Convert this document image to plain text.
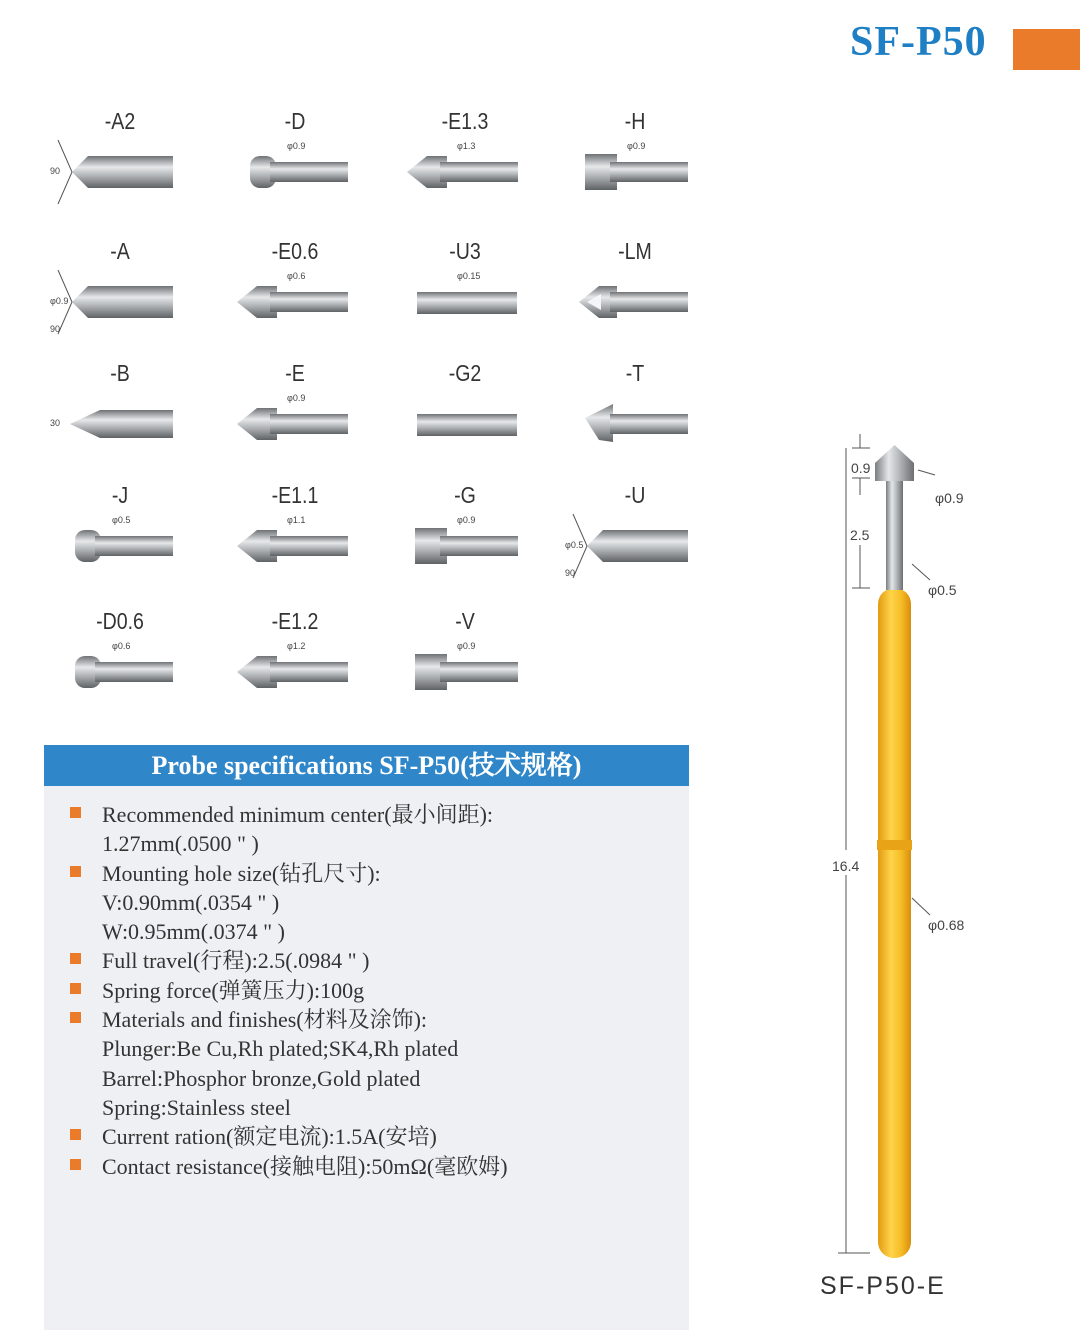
SF-P50
-A2
90
-D
φ0.9
-E1.3
φ1.3
-H
φ0.9
-A
φ0.9
90
-E0.6
φ0.6
-U3
φ0.15
-LM
-B
30
-E
φ0.9
-G2	-T
-J
φ0.5
-E1.1
φ1.1
-G
φ0.9
-U
φ0.5
90
-D0.6
φ0.6
-E1.2
φ1.2
-V
φ0.9
Probe specifications SF-P50(技术规格)
Recommended minimum center(最小间距):
1.27mm(.0500 " )
Mounting hole size(钻孔尺寸):
V:0.90mm(.0354 " )
W:0.95mm(.0374 " )
Full travel(行程):2.5(.0984 " )
Spring force(弹簧压力):100g
Materials and finishes(材料及涂饰):
Plunger:Be Cu,Rh plated;SK4,Rh plated
Barrel:Phosphor bronze,Gold plated
Spring:Stainless steel
Current ration(额定电流):1.5A(安培)
Contact resistance(接触电阻):50mΩ(毫欧姆)
0.9
2.5
16.4
φ0.9
φ0.5
φ0.68
SF-P50-E
